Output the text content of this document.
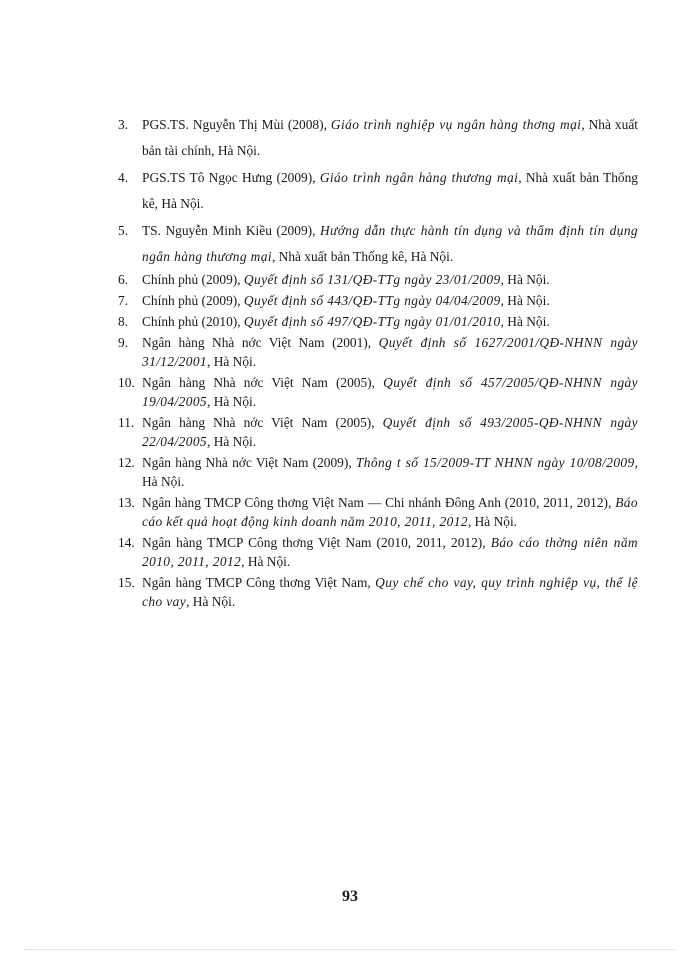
3. PGS.TS. Nguyễn Thị Mùi (2008), Giáo trình nghiệp vụ ngân hàng thơng mại, Nhà xuất bản tài chính, Hà Nội.
4. PGS.TS Tô Ngọc Hưng (2009), Giáo trình ngân hàng thương mại, Nhà xuất bản Thống kê, Hà Nội.
5. TS. Nguyễn Minh Kiều (2009), Hướng dẫn thực hành tín dụng và thẩm định tín dụng ngân hàng thương mại, Nhà xuất bản Thống kê, Hà Nội.
6. Chính phủ (2009), Quyết định số 131/QĐ-TTg ngày 23/01/2009, Hà Nội.
7. Chính phủ (2009), Quyết định số 443/QĐ-TTg ngày 04/04/2009, Hà Nội.
8. Chính phủ (2010), Quyết định số 497/QĐ-TTg ngày 01/01/2010, Hà Nội.
9. Ngân hàng Nhà nớc Việt Nam (2001), Quyết định số 1627/2001/QĐ-NHNN ngày 31/12/2001, Hà Nội.
10. Ngân hàng Nhà nớc Việt Nam (2005), Quyết định số 457/2005/QĐ-NHNN ngày 19/04/2005, Hà Nội.
11. Ngân hàng Nhà nớc Việt Nam (2005), Quyết định số 493/2005-QĐ-NHNN ngày 22/04/2005, Hà Nội.
12. Ngân hàng Nhà nớc Việt Nam (2009), Thông t số 15/2009-TT NHNN ngày 10/08/2009, Hà Nội.
13. Ngân hàng TMCP Công thơng Việt Nam — Chi nhánh Đông Anh (2010, 2011, 2012), Báo cáo kết quả hoạt động kinh doanh năm 2010, 2011, 2012, Hà Nội.
14. Ngân hàng TMCP Công thơng Việt Nam (2010, 2011, 2012), Báo cáo thờng niên năm 2010, 2011, 2012, Hà Nội.
15. Ngân hàng TMCP Công thơng Việt Nam, Quy chế cho vay, quy trình nghiệp vụ, thể lệ cho vay, Hà Nội.
93
